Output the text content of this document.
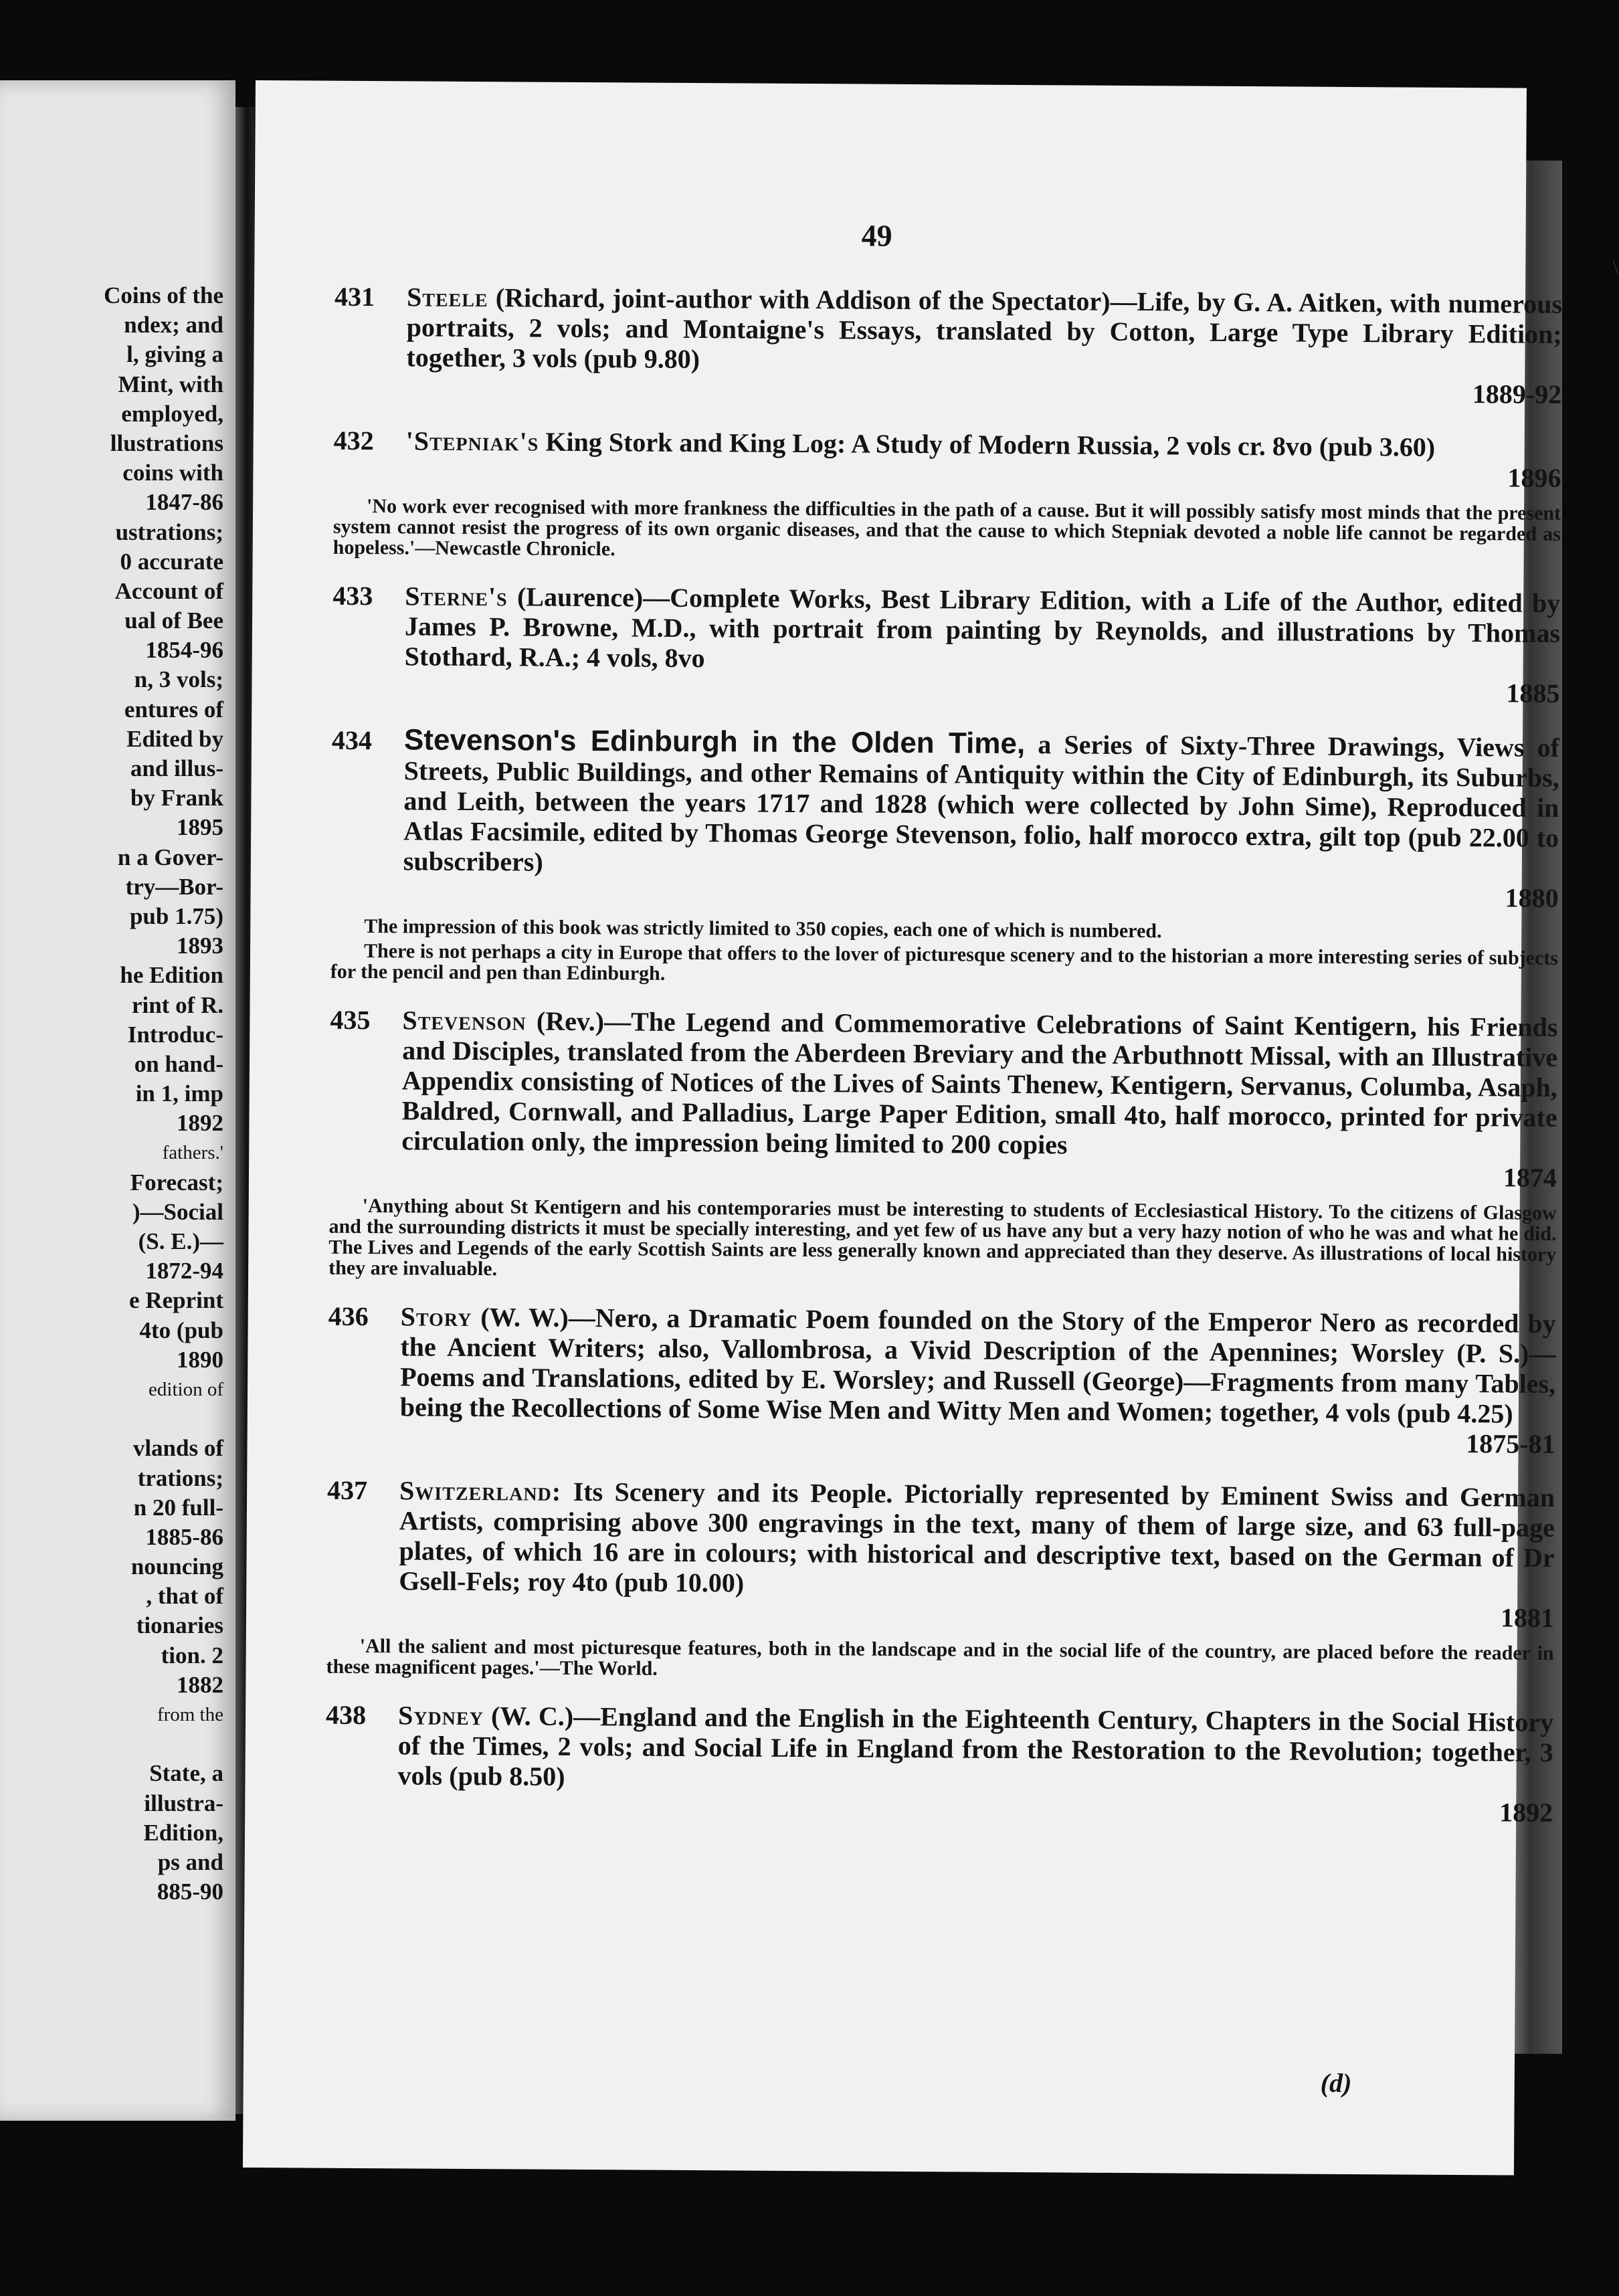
Coins of the
ndex; and
l, giving a
Mint, with
employed,
llustrations
coins with
1847-86
ustrations;
0 accurate
Account of
ual of Bee
1854-96
n, 3 vols;
entures of
Edited by
and illus-
by Frank
1895
n a Gover-
try—Bor-
pub 1.75)
1893
he Edition
rint of R.
Introduc-
on hand-
in 1, imp
1892
fathers.'
Forecast;
)—Social
(S. E.)—
1872-94
e Reprint
4to (pub
1890
edition of
vlands of
trations;
n 20 full-
1885-86
nouncing
, that of
tionaries
tion. 2
1882
from the
State, a
illustra-
Edition,
ps and
885-90
\
49
431 Steele (Richard, joint-author with Addison of the Spectator)—Life, by G. A. Aitken, with numerous portraits, 2 vols; and Montaigne's Essays, translated by Cotton, Large Type Library Edition; together, 3 vols (pub 9.80)
1889-92
432 'Stepniak's King Stork and King Log: A Study of Modern Russia, 2 vols cr. 8vo (pub 3.60)
1896
'No work ever recognised with more frankness the difficulties in the path of a cause. But it will possibly satisfy most minds that the present system cannot resist the progress of its own organic diseases, and that the cause to which Stepniak devoted a noble life cannot be regarded as hopeless.'—Newcastle Chronicle.
433 Sterne's (Laurence)—Complete Works, Best Library Edition, with a Life of the Author, edited by James P. Browne, M.D., with portrait from painting by Reynolds, and illustrations by Thomas Stothard, R.A.; 4 vols, 8vo
1885
434 Stevenson's Edinburgh in the Olden Time, a Series of Sixty-Three Drawings, Views of Streets, Public Buildings, and other Remains of Antiquity within the City of Edinburgh, its Suburbs, and Leith, between the years 1717 and 1828 (which were collected by John Sime), Reproduced in Atlas Facsimile, edited by Thomas George Stevenson, folio, half morocco extra, gilt top (pub 22.00 to subscribers)
1880
The impression of this book was strictly limited to 350 copies, each one of which is numbered.
There is not perhaps a city in Europe that offers to the lover of picturesque scenery and to the historian a more interesting series of subjects for the pencil and pen than Edinburgh.
435 Stevenson (Rev.)—The Legend and Commemorative Celebrations of Saint Kentigern, his Friends and Disciples, translated from the Aberdeen Breviary and the Arbuthnott Missal, with an Illustrative Appendix consisting of Notices of the Lives of Saints Thenew, Kentigern, Servanus, Columba, Asaph, Baldred, Cornwall, and Palladius, Large Paper Edition, small 4to, half morocco, printed for private circulation only, the impression being limited to 200 copies
1874
'Anything about St Kentigern and his contemporaries must be interesting to students of Ecclesiastical History. To the citizens of Glasgow and the surrounding districts it must be specially interesting, and yet few of us have any but a very hazy notion of who he was and what he did. The Lives and Legends of the early Scottish Saints are less generally known and appreciated than they deserve. As illustrations of local history they are invaluable.
436 Story (W. W.)—Nero, a Dramatic Poem founded on the Story of the Emperor Nero as recorded by the Ancient Writers; also, Vallombrosa, a Vivid Description of the Apennines; Worsley (P. S.)—Poems and Translations, edited by E. Worsley; and Russell (George)—Fragments from many Tables, being the Recollections of Some Wise Men and Witty Men and Women; together, 4 vols (pub 4.25)
1875-81
437 Switzerland: Its Scenery and its People. Pictorially represented by Eminent Swiss and German Artists, comprising above 300 engravings in the text, many of them of large size, and 63 full-page plates, of which 16 are in colours; with historical and descriptive text, based on the German of Dr Gsell-Fels; roy 4to (pub 10.00)
1881
'All the salient and most picturesque features, both in the landscape and in the social life of the country, are placed before the reader in these magnificent pages.'—The World.
438 Sydney (W. C.)—England and the English in the Eighteenth Century, Chapters in the Social History of the Times, 2 vols; and Social Life in England from the Restoration to the Revolution; together, 3 vols (pub 8.50)
1892
(d)
